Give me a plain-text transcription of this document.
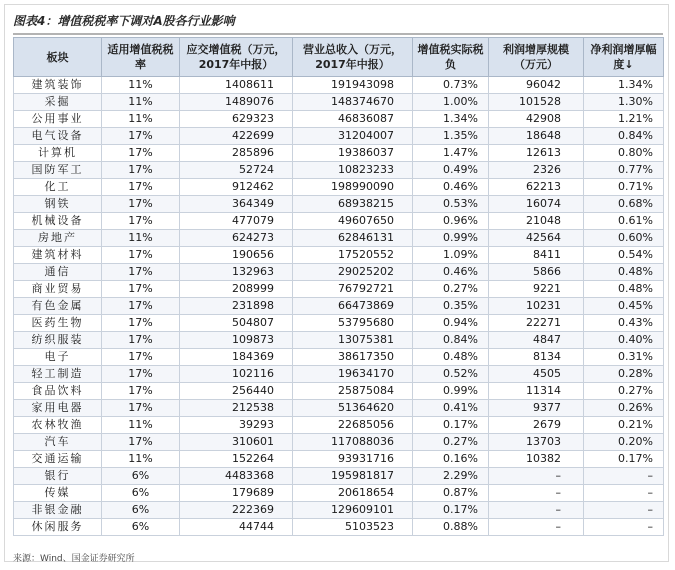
图表4：增值税税率下调对A股各行业影响
板块	适用增值税税率	应交增值税（万元，2017年中报）	营业总收入（万元，2017年中报）	增值税实际税负	利润增厚规模（万元）	净利润增厚幅度↓
建筑装饰	11%	1408611	191943098	0.73%	96042	1.34%
采掘	11%	1489076	148374670	1.00%	101528	1.30%
公用事业	11%	629323	46836087	1.34%	42908	1.21%
电气设备	17%	422699	31204007	1.35%	18648	0.84%
计算机	17%	285896	19386037	1.47%	12613	0.80%
国防军工	17%	52724	10823233	0.49%	2326	0.77%
化工	17%	912462	198990090	0.46%	62213	0.71%
钢铁	17%	364349	68938215	0.53%	16074	0.68%
机械设备	17%	477079	49607650	0.96%	21048	0.61%
房地产	11%	624273	62846131	0.99%	42564	0.60%
建筑材料	17%	190656	17520552	1.09%	8411	0.54%
通信	17%	132963	29025202	0.46%	5866	0.48%
商业贸易	17%	208999	76792721	0.27%	9221	0.48%
有色金属	17%	231898	66473869	0.35%	10231	0.45%
医药生物	17%	504807	53795680	0.94%	22271	0.43%
纺织服装	17%	109873	13075381	0.84%	4847	0.40%
电子	17%	184369	38617350	0.48%	8134	0.31%
轻工制造	17%	102116	19634170	0.52%	4505	0.28%
食品饮料	17%	256440	25875084	0.99%	11314	0.27%
家用电器	17%	212538	51364620	0.41%	9377	0.26%
农林牧渔	11%	39293	22685056	0.17%	2679	0.21%
汽车	17%	310601	117088036	0.27%	13703	0.20%
交通运输	11%	152264	93931716	0.16%	10382	0.17%
银行	6%	4483368	195981817	2.29%	–	–
传媒	6%	179689	20618654	0.87%	–	–
非银金融	6%	222369	129609101	0.17%	–	–
休闲服务	6%	44744	5103523	0.88%	–	–
来源：Wind、国金证券研究所
